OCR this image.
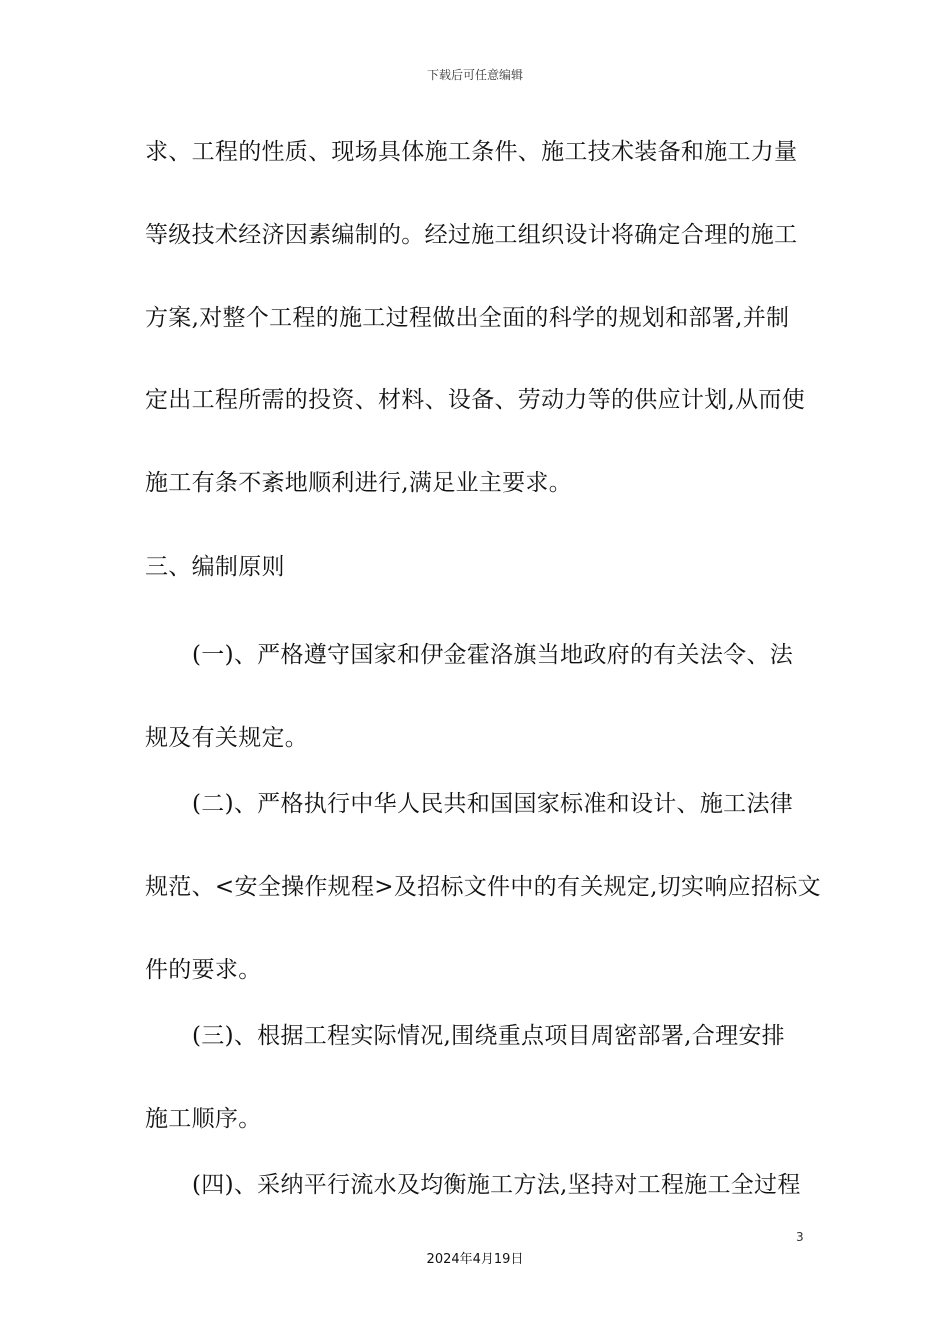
下载后可任意编辑
求、工程的性质、现场具体施工条件、施工技术装备和施工力量
等级技术经济因素编制的。经过施工组织设计将确定合理的施工
方案,对整个工程的施工过程做出全面的科学的规划和部署,并制
定出工程所需的投资、材料、设备、劳动力等的供应计划,从而使
施工有条不紊地顺利进行,满足业主要求。
三、编制原则
(一)、严格遵守国家和伊金霍洛旗当地政府的有关法令、法
规及有关规定。
(二)、严格执行中华人民共和国国家标准和设计、施工法律
规范、<安全操作规程>及招标文件中的有关规定,切实响应招标文
件的要求。
(三)、根据工程实际情况,围绕重点项目周密部署,合理安排
施工顺序。
(四)、采纳平行流水及均衡施工方法,坚持对工程施工全过程
3
2024年4月19日
